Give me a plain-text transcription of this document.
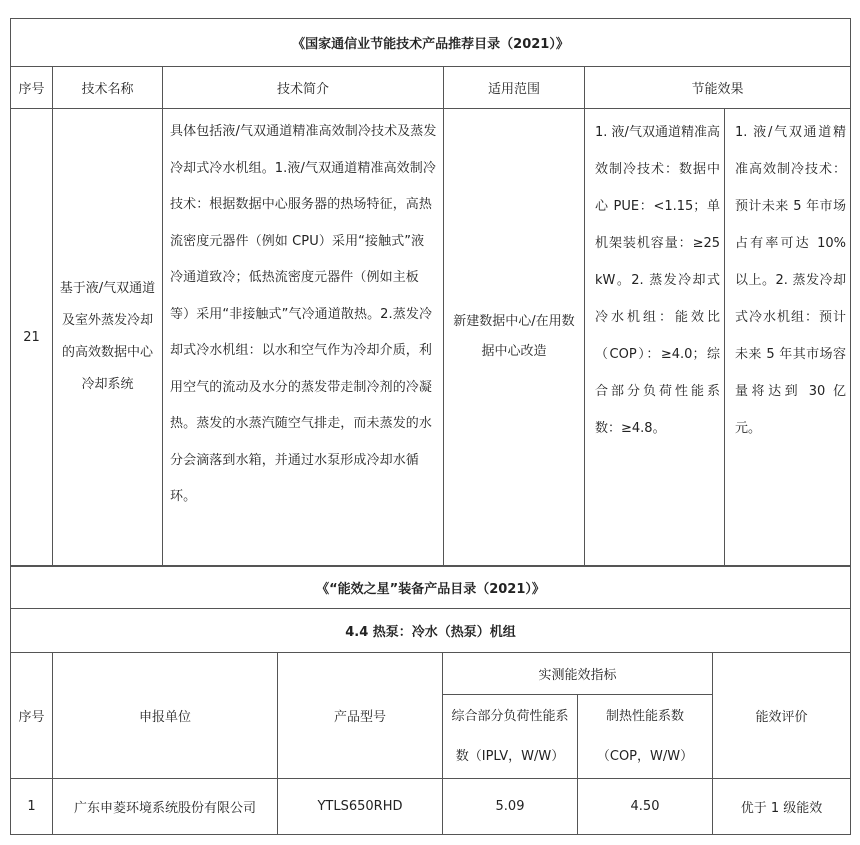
《国家通信业节能技术产品推荐目录（2021）》					
序号	技术名称	技术简介	适用范围	节能效果	
21	基于液/气双通道及室外蒸发冷却的高效数据中心冷却系统	具体包括液/气双通道精准高效制冷技术及蒸发冷却式冷水机组。1.液/气双通道精准高效制冷技术：根据数据中心服务器的热场特征，高热流密度元器件（例如 CPU）采用“接触式”液冷通道致冷；低热流密度元器件（例如主板等）采用“非接触式”气冷通道散热。2.蒸发冷却式冷水机组：以水和空气作为冷却介质，利用空气的流动及水分的蒸发带走制冷剂的冷凝热。蒸发的水蒸汽随空气排走，而未蒸发的水分会滴落到水箱，并通过水泵形成冷却水循环。	新建数据中心/在用数据中心改造	1. 液/气双通道精准高效制冷技术：数据中心 PUE：<1.15；单机架装机容量：≥25kW。2. 蒸发冷却式冷水机组：能效比（COP）：≥4.0；综合部分负荷性能系数：≥4.8。	1. 液/气双通道精准高效制冷技术：预计未来 5 年市场占有率可达 10%以上。2. 蒸发冷却式冷水机组：预计未来 5 年其市场容量将达到 30 亿元。
《“能效之星”装备产品目录（2021）》					
4.4 热泵：冷水（热泵）机组					
序号	申报单位	产品型号	实测能效指标		能效评价
			综合部分负荷性能系数（IPLV，W/W）	制热性能系数（COP，W/W）	
1	广东申菱环境系统股份有限公司	YTLS650RHD	5.09	4.50	优于 1 级能效
